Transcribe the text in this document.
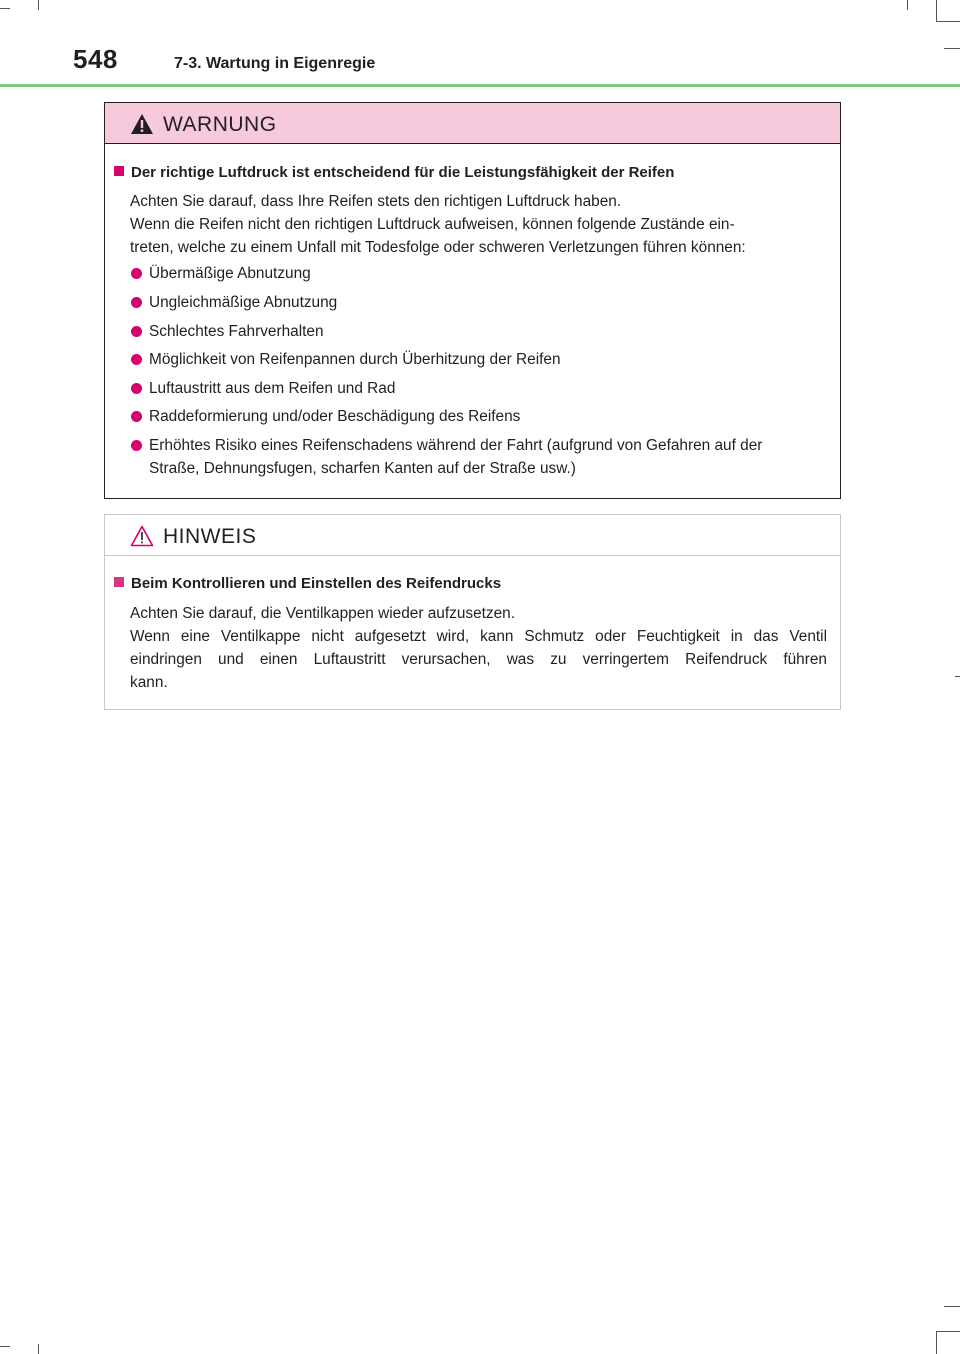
548	7-3. Wartung in Eigenregie
WARNUNG
Der richtige Luftdruck ist entscheidend für die Leistungsfähigkeit der Reifen
Achten Sie darauf, dass Ihre Reifen stets den richtigen Luftdruck haben.
Wenn die Reifen nicht den richtigen Luftdruck aufweisen, können folgende Zustände ein-
treten, welche zu einem Unfall mit Todesfolge oder schweren Verletzungen führen können:
Übermäßige Abnutzung
Ungleichmäßige Abnutzung
Schlechtes Fahrverhalten
Möglichkeit von Reifenpannen durch Überhitzung der Reifen
Luftaustritt aus dem Reifen und Rad
Raddeformierung und/oder Beschädigung des Reifens
Erhöhtes Risiko eines Reifenschadens während der Fahrt (aufgrund von Gefahren auf der
Straße, Dehnungsfugen, scharfen Kanten auf der Straße usw.)
HINWEIS
Beim Kontrollieren und Einstellen des Reifendrucks
Achten Sie darauf, die Ventilkappen wieder aufzusetzen.
Wenn eine Ventilkappe nicht aufgesetzt wird, kann Schmutz oder Feuchtigkeit in das Ventil
eindringen und einen Luftaustritt verursachen, was zu verringertem Reifendruck führen
kann.
